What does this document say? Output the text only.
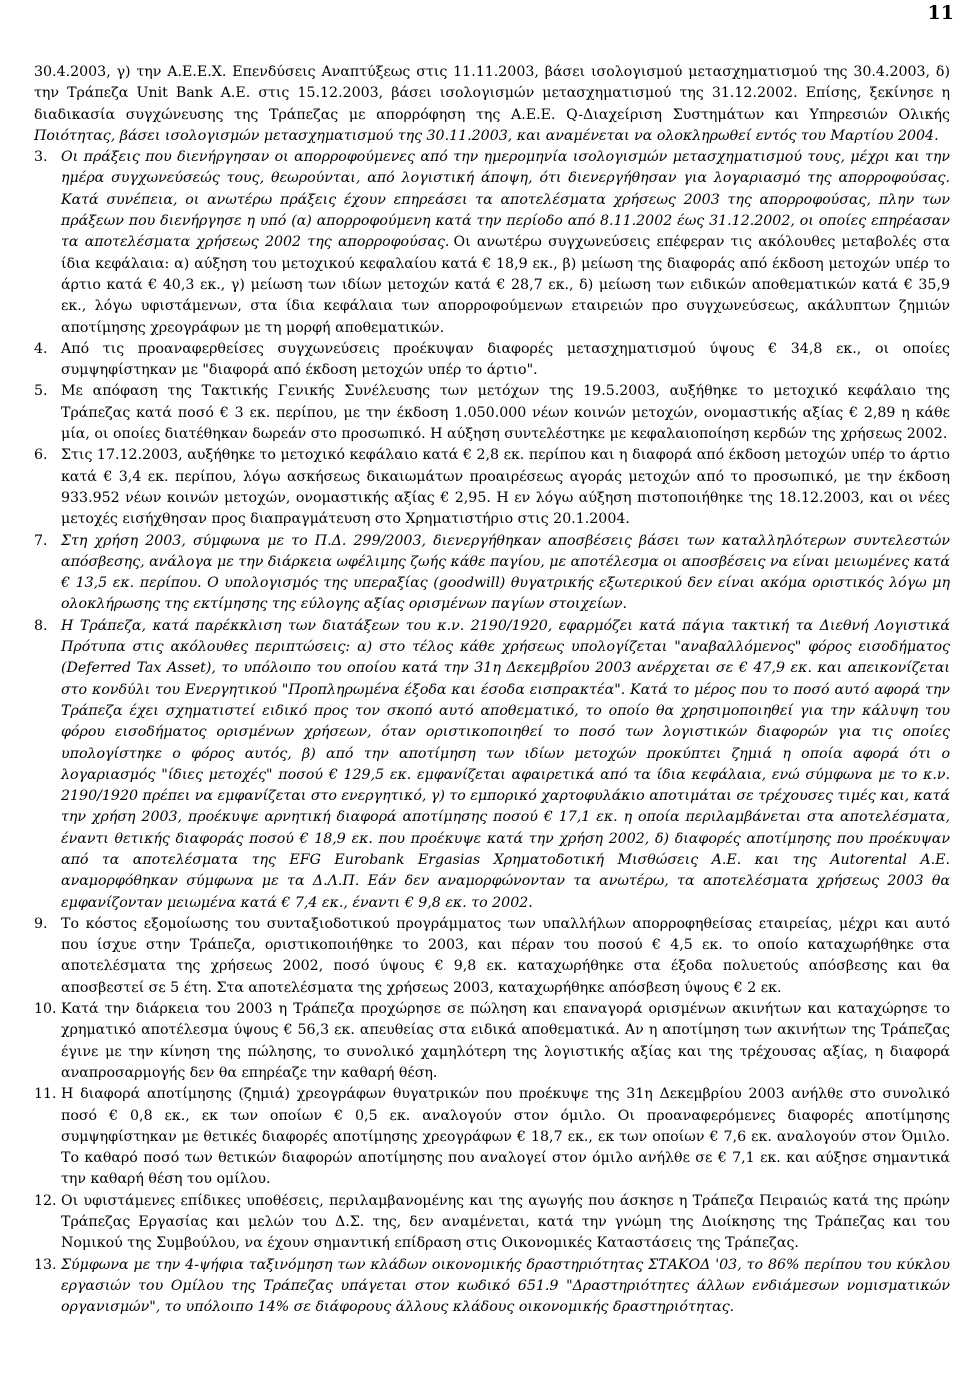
11

30.4.2003, γ) την Α.Ε.Ε.Χ. Επενδύσεις Αναπτύξεως στις 11.11.2003, βάσει ισολογισμού μετασχηματισμού της 30.4.2003, δ) την Τράπεζα Unit Bank Α.Ε. στις 15.12.2003, βάσει ισολογισμών μετασχηματισμού της 31.12.2002. Επίσης, ξεκίνησε η διαδικασία συγχώνευσης της Τράπεζας με απορρόφηση της Α.Ε.Ε. Q-Διαχείριση Συστημάτων και Υπηρεσιών Ολικής Ποιότητας, βάσει ισολογισμών μετασχηματισμού της 30.11.2003, και αναμένεται να ολοκληρωθεί εντός του Μαρτίου 2004.

3. Οι πράξεις που διενήργησαν οι απορροφούμενες από την ημερομηνία ισολογισμών μετασχηματισμού τους, μέχρι και την ημέρα συγχωνεύσεώς τους, θεωρούνται, από λογιστική άποψη, ότι διενεργήθησαν για λογαριασμό της απορροφούσας. Κατά συνέπεια, οι ανωτέρω πράξεις έχουν επηρεάσει τα αποτελέσματα χρήσεως 2003 της απορροφούσας, πλην των πράξεων που διενήργησε η υπό (α) απορροφούμενη κατά την περίοδο από 8.11.2002 έως 31.12.2002, οι οποίες επηρέασαν τα αποτελέσματα χρήσεως 2002 της απορροφούσας. Οι ανωτέρω συγχωνεύσεις επέφεραν τις ακόλουθες μεταβολές στα ίδια κεφάλαια: α) αύξηση του μετοχικού κεφαλαίου κατά € 18,9 εκ., β) μείωση της διαφοράς από έκδοση μετοχών υπέρ το άρτιο κατά € 40,3 εκ., γ) μείωση των ιδίων μετοχών κατά € 28,7 εκ., δ) μείωση των ειδικών αποθεματικών κατά € 35,9 εκ., λόγω υφιστάμενων, στα ίδια κεφάλαια των απορροφούμενων εταιρειών προ συγχωνεύσεως, ακάλυπτων ζημιών αποτίμησης χρεογράφων με τη μορφή αποθεματικών.
4. Από τις προαναφερθείσες συγχωνεύσεις προέκυψαν διαφορές μετασχηματισμού ύψους € 34,8 εκ., οι οποίες συμψηφίστηκαν με "διαφορά από έκδοση μετοχών υπέρ το άρτιο".
5. Με απόφαση της Τακτικής Γενικής Συνέλευσης των μετόχων της 19.5.2003, αυξήθηκε το μετοχικό κεφάλαιο της Τράπεζας κατά ποσό € 3 εκ. περίπου, με την έκδοση 1.050.000 νέων κοινών μετοχών, ονομαστικής αξίας € 2,89 η κάθε μία, οι οποίες διατέθηκαν δωρεάν στο προσωπικό. Η αύξηση συντελέστηκε με κεφαλαιοποίηση κερδών της χρήσεως 2002.
6. Στις 17.12.2003, αυξήθηκε το μετοχικό κεφάλαιο κατά € 2,8 εκ. περίπου και η διαφορά από έκδοση μετοχών υπέρ το άρτιο κατά € 3,4 εκ. περίπου, λόγω ασκήσεως δικαιωμάτων προαιρέσεως αγοράς μετοχών από το προσωπικό, με την έκδοση 933.952 νέων κοινών μετοχών, ονομαστικής αξίας € 2,95. Η εν λόγω αύξηση πιστοποιήθηκε της 18.12.2003, και οι νέες μετοχές εισήχθησαν προς διαπραγμάτευση στο Χρηματιστήριο στις 20.1.2004.
7. Στη χρήση 2003, σύμφωνα με το Π.Δ. 299/2003, διενεργήθηκαν αποσβέσεις βάσει των καταλληλότερων συντελεστών απόσβεσης, ανάλογα με την διάρκεια ωφέλιμης ζωής κάθε παγίου, με αποτέλεσμα οι αποσβέσεις να είναι μειωμένες κατά € 13,5 εκ. περίπου. Ο υπολογισμός της υπεραξίας (goodwill) θυγατρικής εξωτερικού δεν είναι ακόμα οριστικός λόγω μη ολοκλήρωσης της εκτίμησης της εύλογης αξίας ορισμένων παγίων στοιχείων.
8. Η Τράπεζα, κατά παρέκκλιση των διατάξεων του κ.ν. 2190/1920, εφαρμόζει κατά πάγια τακτική τα Διεθνή Λογιστικά Πρότυπα στις ακόλουθες περιπτώσεις: α) στο τέλος κάθε χρήσεως υπολογίζεται "αναβαλλόμενος" φόρος εισοδήματος (Deferred Tax Asset), το υπόλοιπο του οποίου κατά την 31η Δεκεμβρίου 2003 ανέρχεται σε € 47,9 εκ. και απεικονίζεται στο κονδύλι του Ενεργητικού "Προπληρωμένα έξοδα και έσοδα εισπρακτέα". Κατά το μέρος που το ποσό αυτό αφορά την Τράπεζα έχει σχηματιστεί ειδικό προς τον σκοπό αυτό αποθεματικό, το οποίο θα χρησιμοποιηθεί για την κάλυψη του φόρου εισοδήματος ορισμένων χρήσεων, όταν οριστικοποιηθεί το ποσό των λογιστικών διαφορών για τις οποίες υπολογίστηκε ο φόρος αυτός, β) από την αποτίμηση των ιδίων μετοχών προκύπτει ζημιά η οποία αφορά ότι ο λογαριασμός "ίδιες μετοχές" ποσού € 129,5 εκ. εμφανίζεται αφαιρετικά από τα ίδια κεφάλαια, ενώ σύμφωνα με το κ.ν. 2190/1920 πρέπει να εμφανίζεται στο ενεργητικό, γ) το εμπορικό χαρτοφυλάκιο αποτιμάται σε τρέχουσες τιμές και, κατά την χρήση 2003, προέκυψε αρνητική διαφορά αποτίμησης ποσού € 17,1 εκ. η οποία περιλαμβάνεται στα αποτελέσματα, έναντι θετικής διαφοράς ποσού € 18,9 εκ. που προέκυψε κατά την χρήση 2002, δ) διαφορές αποτίμησης που προέκυψαν από τα αποτελέσματα της EFG Eurobank Ergasias Χρηματοδοτική Μισθώσεις Α.Ε. και της Autorental Α.Ε. αναμορφόθηκαν σύμφωνα με τα Δ.Λ.Π. Εάν δεν αναμορφώνονταν τα ανωτέρω, τα αποτελέσματα χρήσεως 2003 θα εμφανίζονταν μειωμένα κατά € 7,4 εκ., έναντι € 9,8 εκ. το 2002.
9. Το κόστος εξομοίωσης του συνταξιοδοτικού προγράμματος των υπαλλήλων απορροφηθείσας εταιρείας, μέχρι και αυτό που ίσχυε στην Τράπεζα, οριστικοποιήθηκε το 2003, και πέραν του ποσού € 4,5 εκ. το οποίο καταχωρήθηκε στα αποτελέσματα της χρήσεως 2002, ποσό ύψους € 9,8 εκ. καταχωρήθηκε στα έξοδα πολυετούς απόσβεσης και θα αποσβεστεί σε 5 έτη. Στα αποτελέσματα της χρήσεως 2003, καταχωρήθηκε απόσβεση ύψους € 2 εκ.
10. Κατά την διάρκεια του 2003 η Τράπεζα προχώρησε σε πώληση και επαναγορά ορισμένων ακινήτων και καταχώρησε το χρηματικό αποτέλεσμα ύψους € 56,3 εκ. απευθείας στα ειδικά αποθεματικά. Αν η αποτίμηση των ακινήτων της Τράπεζας έγινε με την κίνηση της πώλησης, το συνολικό χαμηλότερη της λογιστικής αξίας και της τρέχουσας αξίας, η διαφορά αναπροσαρμογής δεν θα επηρέαζε την καθαρή θέση.
11. Η διαφορά αποτίμησης (ζημιά) χρεογράφων θυγατρικών που προέκυψε της 31η Δεκεμβρίου 2003 ανήλθε στο συνολικό ποσό € 0,8 εκ., εκ των οποίων € 0,5 εκ. αναλογούν στον όμιλο. Οι προαναφερόμενες διαφορές αποτίμησης συμψηφίστηκαν με θετικές διαφορές αποτίμησης χρεογράφων € 18,7 εκ., εκ των οποίων € 7,6 εκ. αναλογούν στον Όμιλο. Το καθαρό ποσό των θετικών διαφορών αποτίμησης που αναλογεί στον όμιλο ανήλθε σε € 7,1 εκ. και αύξησε σημαντικά την καθαρή θέση του ομίλου.
12. Οι υφιστάμενες επίδικες υποθέσεις, περιλαμβανομένης και της αγωγής που άσκησε η Τράπεζα Πειραιώς κατά της πρώην Τράπεζας Εργασίας και μελών του Δ.Σ. της, δεν αναμένεται, κατά την γνώμη της Διοίκησης της Τράπεζας και του Νομικού της Συμβούλου, να έχουν σημαντική επίδραση στις Οικονομικές Καταστάσεις της Τράπεζας.
13. Σύμφωνα με την 4-ψήφια ταξινόμηση των κλάδων οικονομικής δραστηριότητας ΣΤΑΚΟΔ '03, το 86% περίπου του κύκλου εργασιών του Ομίλου της Τράπεζας υπάγεται στον κωδικό 651.9 "Δραστηριότητες άλλων ενδιάμεσων νομισματικών οργανισμών", το υπόλοιπο 14% σε διάφορους άλλους κλάδους οικονομικής δραστηριότητας.
